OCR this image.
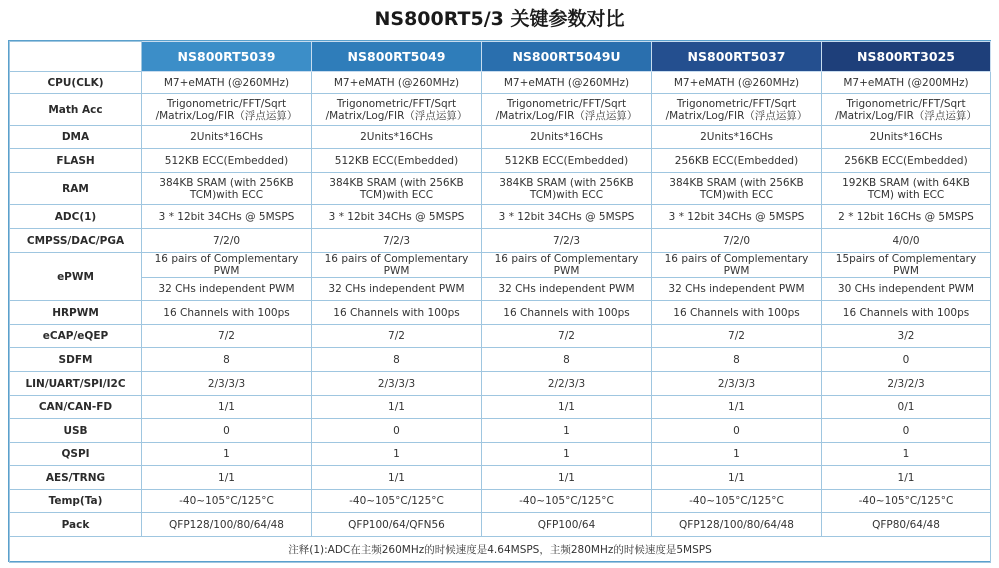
NS800RT5/3 关键参数对比
	NS800RT5039	NS800RT5049	NS800RT5049U	NS800RT5037	NS800RT3025
CPU(CLK)	M7+eMATH (@260MHz)	M7+eMATH (@260MHz)	M7+eMATH (@260MHz)	M7+eMATH (@260MHz)	M7+eMATH (@200MHz)
Math Acc	Trigonometric/FFT/Sqrt
/Matrix/Log/FIR（浮点运算）	Trigonometric/FFT/Sqrt
/Matrix/Log/FIR（浮点运算）	Trigonometric/FFT/Sqrt
/Matrix/Log/FIR（浮点运算）	Trigonometric/FFT/Sqrt
/Matrix/Log/FIR（浮点运算）	Trigonometric/FFT/Sqrt
/Matrix/Log/FIR（浮点运算）
DMA	2Units*16CHs	2Units*16CHs	2Units*16CHs	2Units*16CHs	2Units*16CHs
FLASH	512KB ECC(Embedded)	512KB ECC(Embedded)	512KB ECC(Embedded)	256KB ECC(Embedded)	256KB ECC(Embedded)
RAM	384KB SRAM (with 256KB
TCM)with ECC	384KB SRAM (with 256KB
TCM)with ECC	384KB SRAM (with 256KB
TCM)with ECC	384KB SRAM (with 256KB
TCM)with ECC	192KB SRAM (with 64KB
TCM) with ECC
ADC(1)	3 * 12bit 34CHs @ 5MSPS	3 * 12bit 34CHs @ 5MSPS	3 * 12bit 34CHs @ 5MSPS	3 * 12bit 34CHs @ 5MSPS	2 * 12bit 16CHs @ 5MSPS
CMPSS/DAC/PGA	7/2/0	7/2/3	7/2/3	7/2/0	4/0/0
ePWM	16 pairs of Complementary PWM	16 pairs of Complementary PWM	16 pairs of Complementary PWM	16 pairs of Complementary PWM	15pairs of Complementary PWM
	32 CHs independent PWM	32 CHs independent PWM	32 CHs independent PWM	32 CHs independent PWM	30 CHs independent PWM
HRPWM	16 Channels with 100ps	16 Channels with 100ps	16 Channels with 100ps	16 Channels with 100ps	16 Channels with 100ps
eCAP/eQEP	7/2	7/2	7/2	7/2	3/2
SDFM	8	8	8	8	0
LIN/UART/SPI/I2C	2/3/3/3	2/3/3/3	2/2/3/3	2/3/3/3	2/3/2/3
CAN/CAN-FD	1/1	1/1	1/1	1/1	0/1
USB	0	0	1	0	0
QSPI	1	1	1	1	1
AES/TRNG	1/1	1/1	1/1	1/1	1/1
Temp(Ta)	-40~105°C/125°C	-40~105°C/125°C	-40~105°C/125°C	-40~105°C/125°C	-40~105°C/125°C
Pack	QFP128/100/80/64/48	QFP100/64/QFN56	QFP100/64	QFP128/100/80/64/48	QFP80/64/48
注释(1):ADC在主频260MHz的时候速度是4.64MSPS，主频280MHz的时候速度是5MSPS					
